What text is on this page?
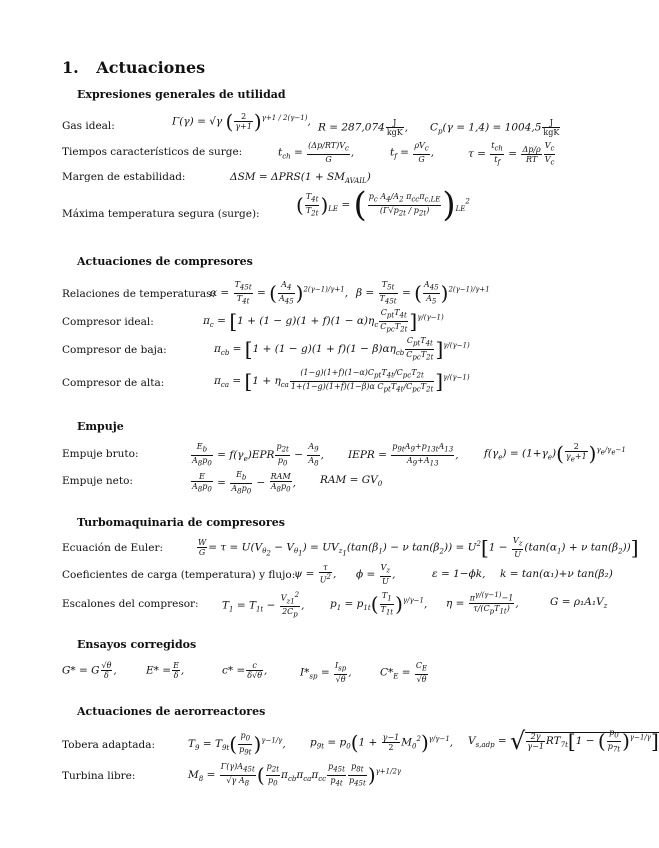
1. Actuaciones
Expresiones generales de utilidad
Gas ideal:	Γ(γ) = √γ ( $\frac{2}{\gamma+1} )^{\gamma+1 / 2(\gamma-1)}$, $R = 287,074 \frac{J}{\text{kgK}}$ , $C_p(\gamma = 1,4) = 1004,5 \frac{J}{\text{kgK}}$
Tiempos característicos de surge:	$t_{ch} = \frac{(\Delta p/RT)V_c}{G}$ ,	$t_f = \frac{\rho V_c}{G}$ ,	$\tau = \frac{t_{ch}}{t_f} = \frac{\Delta p/\rho}{RT} \frac{V_c}{V_c}$
Margen de estabilidad:	$\Delta SM = \Delta PRS(1 + SM_{AVAIL})$
Máxima temperatura segura (surge): ( $\frac{T_{4t}}{T_{2t}} )_{LE}$ = ( $\frac{p_c A_4/A_2 \pi_{cc}\pi_{c,LE}}{(\Gamma√p_{2t} / p_{2t})} )_{LE}^2$
Actuaciones de compresores
Relaciones de temperaturas:
$\alpha = \frac{T_{45t}}{T_{4t}}$ = ( $\frac{A_4}{A_{45}} )^{2(\gamma-1)/\gamma+1}$, $\beta = \frac{T_{5t}}{T_{45t}}$ = ( $\frac{A_{45}}{A_5} )^{2(\gamma-1)/\gamma+1}$
Compresor ideal:	$\pi_c = [1 + (1 - g)(1 + f)(1 - \alpha)\eta_c \frac{C_{pt}T_{4t}}{C_{pc}T_{2t}} ]^{\gamma/(\gamma-1)}$
Compresor de baja:	$\pi_{cb} = [1 + (1 - g)(1 + f)(1 - \beta)\alpha\eta_{cb} \frac{C_{pt}T_{4t}}{C_{pc}T_{2t}} ]^{\gamma/(\gamma-1)}$
Compresor de alta:	$\pi_{ca} = [1 + \eta_{ca} \frac{(1-g)(1+f)(1-\alpha)C_{pt}T_{4t}/C_{pc}T_{2t}}{1+(1-g)(1+f)(1-\beta)\alpha C_{pt}T_{4t}/C_{pc}T_{2t}} ]^{\gamma/(\gamma-1)}$
Empuje
Empuje bruto:	$\frac{E_b}{A_8p_0} = f(\gamma_e)EPR \frac{p_{2t}}{p_0} - \frac{A_9}{A_8}$ , IEPR = $\frac{p_{9t}A_9+p_{13t}A_{13}}{A_9+A_{13}}$ , $f(\gamma_e) = (1+\gamma_e)( \frac{2}{\gamma_e+1} )^{\gamma_e/\gamma_e-1}$
Empuje neto:	$\frac{E}{A_8p_0} = \frac{E_b}{A_8p_0} - \frac{\text{RAM}}{A_8p_0}$ , RAM = $GV_0$
Turbomaquinaria de compresores
Ecuación de Euler:	$\frac{W}{G} = \tau = U(V_{\theta_2} - V_{\theta_1}) = UV_{z_1}(\tan(\beta_1) - \nu$ $\tan(\beta_2)) = U^2[1 - \frac{V_z}{U} (\tan(\alpha_1) + \nu$ $\tan(\beta_2)$)]
Coeficientes de carga (temperatura) y flujo:
$\psi = \frac{\tau}{U^2}$ , $\phi = \frac{V_z}{U}$ ,	ε = 1−ϕk, k = tan(α₁)+ν tan(β₂)
Escalones del compresor: $T_1 = T_{1t} - \frac{V_{z1}^2}{2C_p}$ , $p_1 = p_{1t}( \frac{T_1}{T_{1t}} )^{\gamma/\gamma-1}$, $\eta = \frac{\pi^{\gamma/(\gamma-1)}-1}{\tau/(C_pT_{1t})}$ ,	$G = \rho_1A_1V_z$
Ensayos corregidos
G* = G $\frac{√\theta}{\delta}$ ,	$E* = \frac{E}{\delta}$ ,	$c* = \frac{c}{\delta√\theta}$ ,	$I*_{sp} = \frac{I_{sp}}{√\theta}$ ,	$C*_E = \frac{C_E}{√\theta}$
Actuaciones de aerorreactores
Tobera adaptada:	$T_9 = T_{9t}( \frac{p_0}{p_{9t}} )^{\gamma-1/\gamma}$, $p_{9t} = p_0(1 + \frac{\gamma-1}{2} M_0^2)^{\gamma/\gamma-1}$, $V_{s,adp}$ = √ $\frac{2\gamma}{\gamma-1} RT_{7t}[1$ − ( $\frac{p_0}{p_{7t}} )^{\gamma-1/\gamma}$]
Turbina libre:	$M_8 = \frac{\Gamma(\gamma)A_{45t}}{√\gamma A_8}$ ( $\frac{p_{2t}}{p_0} \pi_{cb}\pi_{ca}\pi_{cc} \frac{p_{45t}}{p_{4t}} \frac{p_{8t}}{p_{45t}} )^{\gamma+1/2\gamma}$
